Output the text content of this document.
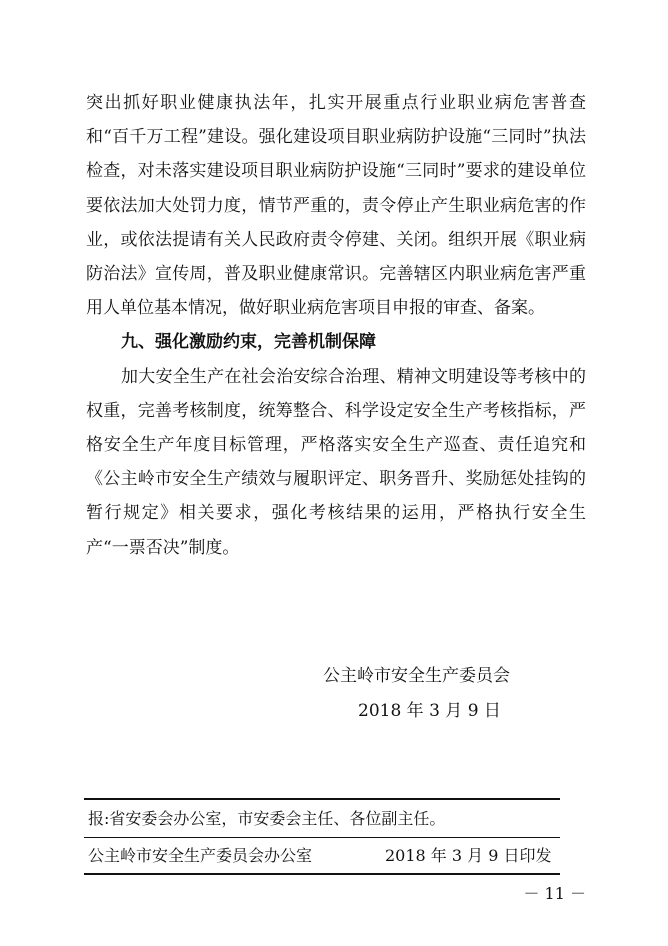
突出抓好职业健康执法年，扎实开展重点行业职业病危害普查和“百千万工程”建设。强化建设项目职业病防护设施“三同时”执法检查，对未落实建设项目职业病防护设施“三同时”要求的建设单位要依法加大处罚力度，情节严重的，责令停止产生职业病危害的作业，或依法提请有关人民政府责令停建、关闭。组织开展《职业病防治法》宣传周，普及职业健康常识。完善辖区内职业病危害严重用人单位基本情况，做好职业病危害项目申报的审查、备案。

九、强化激励约束，完善机制保障

加大安全生产在社会治安综合治理、精神文明建设等考核中的权重，完善考核制度，统筹整合、科学设定安全生产考核指标，严格安全生产年度目标管理，严格落实安全生产巡查、责任追究和《公主岭市安全生产绩效与履职评定、职务晋升、奖励惩处挂钩的暂行规定》相关要求，强化考核结果的运用，严格执行安全生产“一票否决”制度。

公主岭市安全生产委员会
2018 年 3 月 9 日
报:省安委会办公室，市安委会主任、各位副主任。
公主岭市安全生产委员会办公室	2018 年 3 月 9 日印发
－ 11 －
